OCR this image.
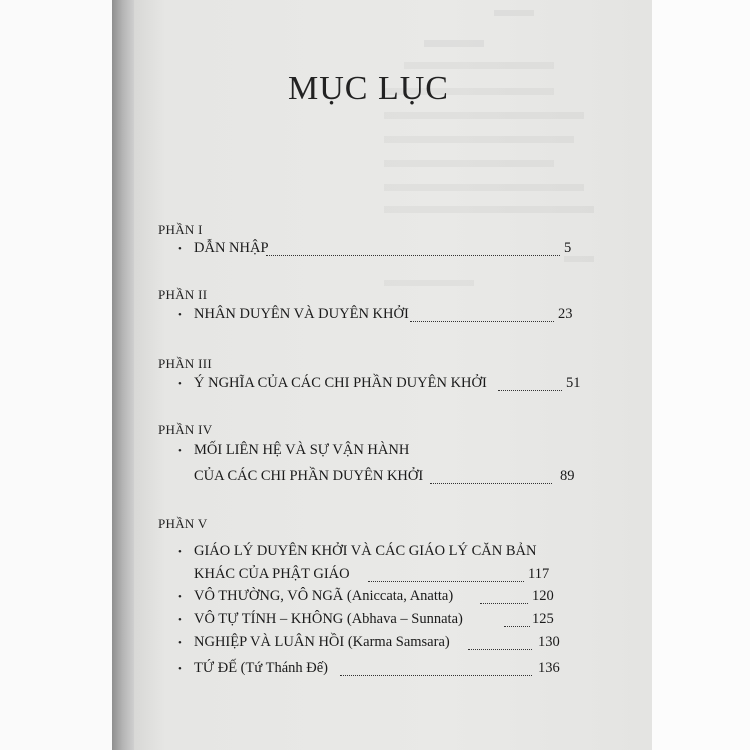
MỤC LỤC
PHẦN I
• DẪN NHẬP	5
PHẦN II
• NHÂN DUYÊN VÀ DUYÊN KHỞI	23
PHẦN III
• Ý NGHĨA CỦA CÁC CHI PHẦN DUYÊN KHỞI	51
PHẦN IV
• MỐI LIÊN HỆ VÀ SỰ VẬN HÀNH
CỦA CÁC CHI PHẦN DUYÊN KHỞI	89
PHẦN V
• GIÁO LÝ DUYÊN KHỞI VÀ CÁC GIÁO LÝ CĂN BẢN
KHÁC CỦA PHẬT GIÁO	117
• VÔ THƯỜNG, VÔ NGÃ (Aniccata, Anatta)	120
• VÔ TỰ TÍNH – KHÔNG (Abhava – Sunnata)	125
• NGHIỆP VÀ LUÂN HỒI (Karma Samsara)	130
• TỨ ĐẾ (Tứ Thánh Đế)	136
